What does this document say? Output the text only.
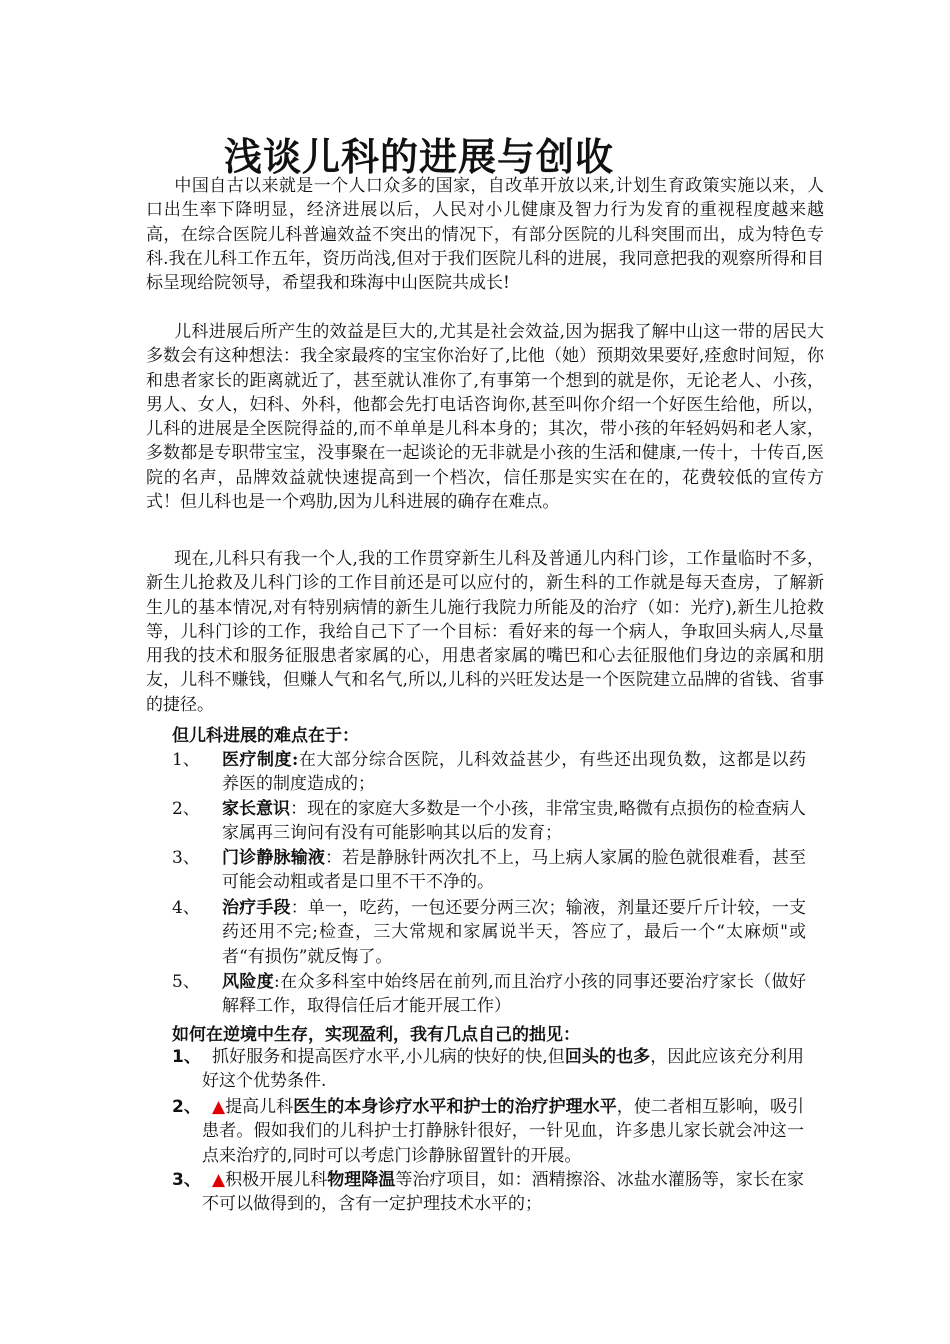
浅谈儿科的进展与创收
中国自古以来就是一个人口众多的国家，自改革开放以来,计划生育政策实施以来，人口出生率下降明显，经济进展以后，人民对小儿健康及智力行为发育的重视程度越来越高，在综合医院儿科普遍效益不突出的情况下，有部分医院的儿科突围而出，成为特色专科.我在儿科工作五年，资历尚浅,但对于我们医院儿科的进展，我同意把我的观察所得和目标呈现给院领导，希望我和珠海中山医院共成长!
儿科进展后所产生的效益是巨大的,尤其是社会效益,因为据我了解中山这一带的居民大多数会有这种想法：我全家最疼的宝宝你治好了,比他（她）预期效果要好,痊愈时间短，你和患者家长的距离就近了，甚至就认准你了,有事第一个想到的就是你，无论老人、小孩，男人、女人，妇科、外科，他都会先打电话咨询你,甚至叫你介绍一个好医生给他，所以，儿科的进展是全医院得益的,而不单单是儿科本身的；其次，带小孩的年轻妈妈和老人家，多数都是专职带宝宝，没事聚在一起谈论的无非就是小孩的生活和健康,一传十，十传百,医院的名声，品牌效益就快速提高到一个档次，信任那是实实在在的，花费较低的宣传方式！但儿科也是一个鸡肋,因为儿科进展的确存在难点。
现在,儿科只有我一个人,我的工作贯穿新生儿科及普通儿内科门诊，工作量临时不多，新生儿抢救及儿科门诊的工作目前还是可以应付的，新生科的工作就是每天查房，了解新生儿的基本情况,对有特别病情的新生儿施行我院力所能及的治疗（如：光疗),新生儿抢救等，儿科门诊的工作，我给自己下了一个目标：看好来的每一个病人，争取回头病人,尽量用我的技术和服务征服患者家属的心，用患者家属的嘴巴和心去征服他们身边的亲属和朋友，儿科不赚钱，但赚人气和名气,所以,儿科的兴旺发达是一个医院建立品牌的省钱、省事的捷径。
但儿科进展的难点在于：
1、 医疗制度:在大部分综合医院，儿科效益甚少，有些还出现负数，这都是以药养医的制度造成的；
2、 家长意识：现在的家庭大多数是一个小孩，非常宝贵,略微有点损伤的检查病人家属再三询问有没有可能影响其以后的发育；
3、 门诊静脉输液：若是静脉针两次扎不上，马上病人家属的脸色就很难看，甚至可能会动粗或者是口里不干不净的。
4、 治疗手段：单一，吃药，一包还要分两三次；输液，剂量还要斤斤计较，一支药还用不完;检查，三大常规和家属说半天，答应了，最后一个“太麻烦"或者“有损伤”就反悔了。
5、 风险度:在众多科室中始终居在前列,而且治疗小孩的同事还要治疗家长（做好解释工作，取得信任后才能开展工作）
如何在逆境中生存，实现盈利，我有几点自己的拙见：
1、 抓好服务和提高医疗水平,小儿病的快好的快,但回头的也多，因此应该充分利用好这个优势条件.
2、 ▲提高儿科医生的本身诊疗水平和护士的治疗护理水平，使二者相互影响，吸引患者。假如我们的儿科护士打静脉针很好，一针见血，许多患儿家长就会冲这一点来治疗的,同时可以考虑门诊静脉留置针的开展。
3、 ▲积极开展儿科物理降温等治疗项目，如：酒精擦浴、冰盐水灌肠等，家长在家不可以做得到的，含有一定护理技术水平的；
